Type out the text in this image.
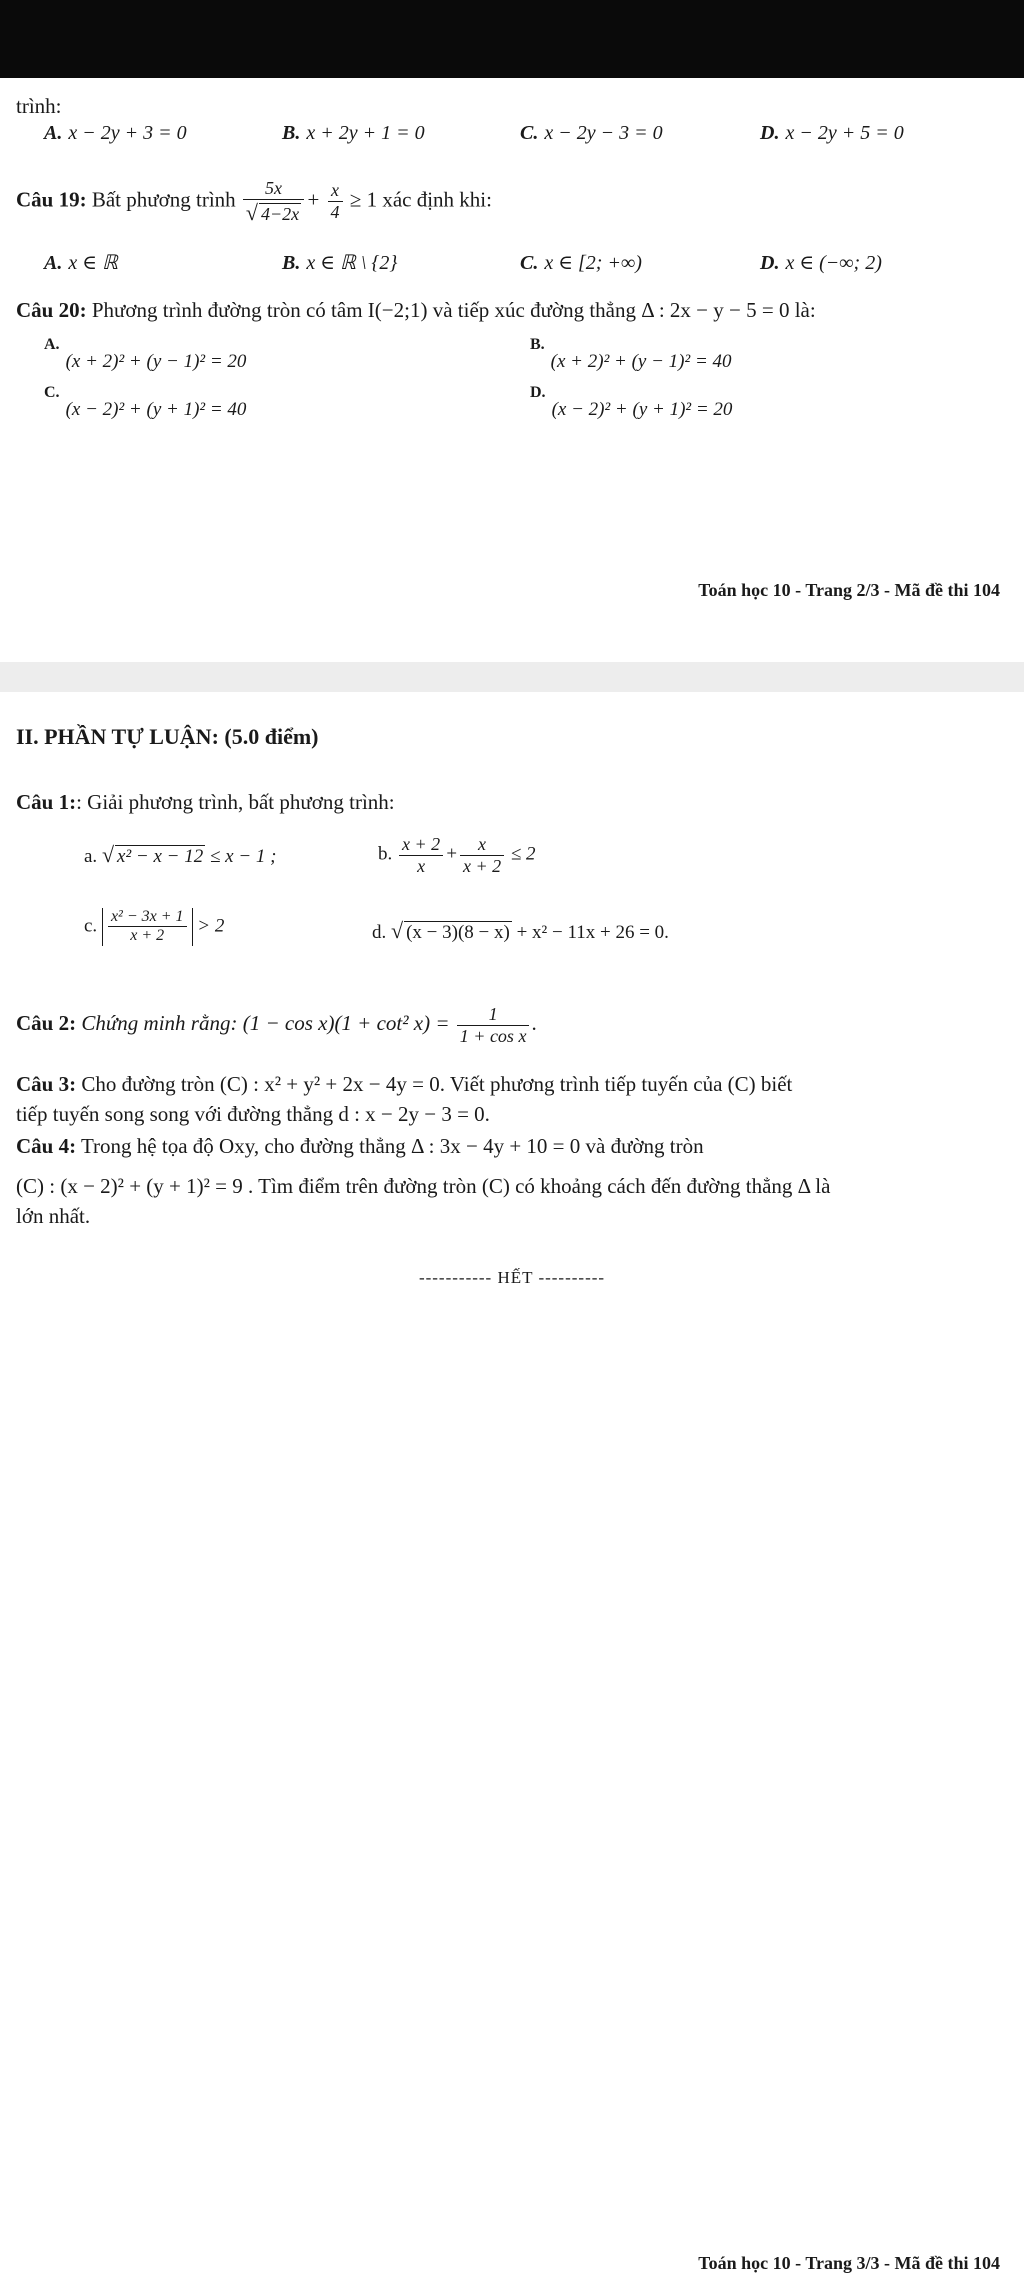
trình:
A. x − 2y + 3 = 0	B. x + 2y + 1 = 0	C. x − 2y − 3 = 0	D. x − 2y + 5 = 0
Câu 19: Bất phương trình $\frac{5x}{√ 4-2x} + \frac{x}{4} \ge 1$ xác định khi:
A. x ∈ ℝ	B. x ∈ ℝ \ {2}	C. x ∈ [2; +∞)	D. x ∈ (−∞; 2)
Câu 20: Phương trình đường tròn có tâm I(−2;1) và tiếp xúc đường thẳng Δ : 2x − y − 5 = 0 là:
$^{A.}$(x + 2)² + (y − 1)² = 20
$^{B.}$(x + 2)² + (y − 1)² = 40
$^{C.}$(x − 2)² + (y + 1)² = 40
$^{D.}$(x − 2)² + (y + 1)² = 20
Toán học 10 - Trang 2/3 - Mã đề thi 104
II. PHẦN TỰ LUẬN: (5.0 điểm)
Câu 1:: Giải phương trình, bất phương trình:
a. √ x² − x − 12 ≤ x − 1 ;	b. $\frac{x + 2}{x} + \frac{x}{x + 2} \le 2$
c. $\frac{\text{x² − 3x + 1}}{x + 2} > 2$	d. √ (x − 3)(8 − x) + x² − 11x + 26 = 0.
Câu 2: Chứng minh rằng: (1 − cos x)(1 + cot² $x) = \frac{1}{\text{1 + cos x}}$ .
Câu 3: Cho đường tròn (C) : x² + y² + 2x − 4y = 0. Viết phương trình tiếp tuyến của (C) biết
tiếp tuyến song song với đường thẳng d : x − 2y − 3 = 0.
Câu 4: Trong hệ tọa độ Oxy, cho đường thẳng Δ : 3x − 4y + 10 = 0 và đường tròn
(C) : (x − 2)² + (y + 1)² = 9 . Tìm điểm trên đường tròn (C) có khoảng cách đến đường thẳng Δ là
lớn nhất.
----------- HẾT ----------
Toán học 10 - Trang 3/3 - Mã đề thi 104
